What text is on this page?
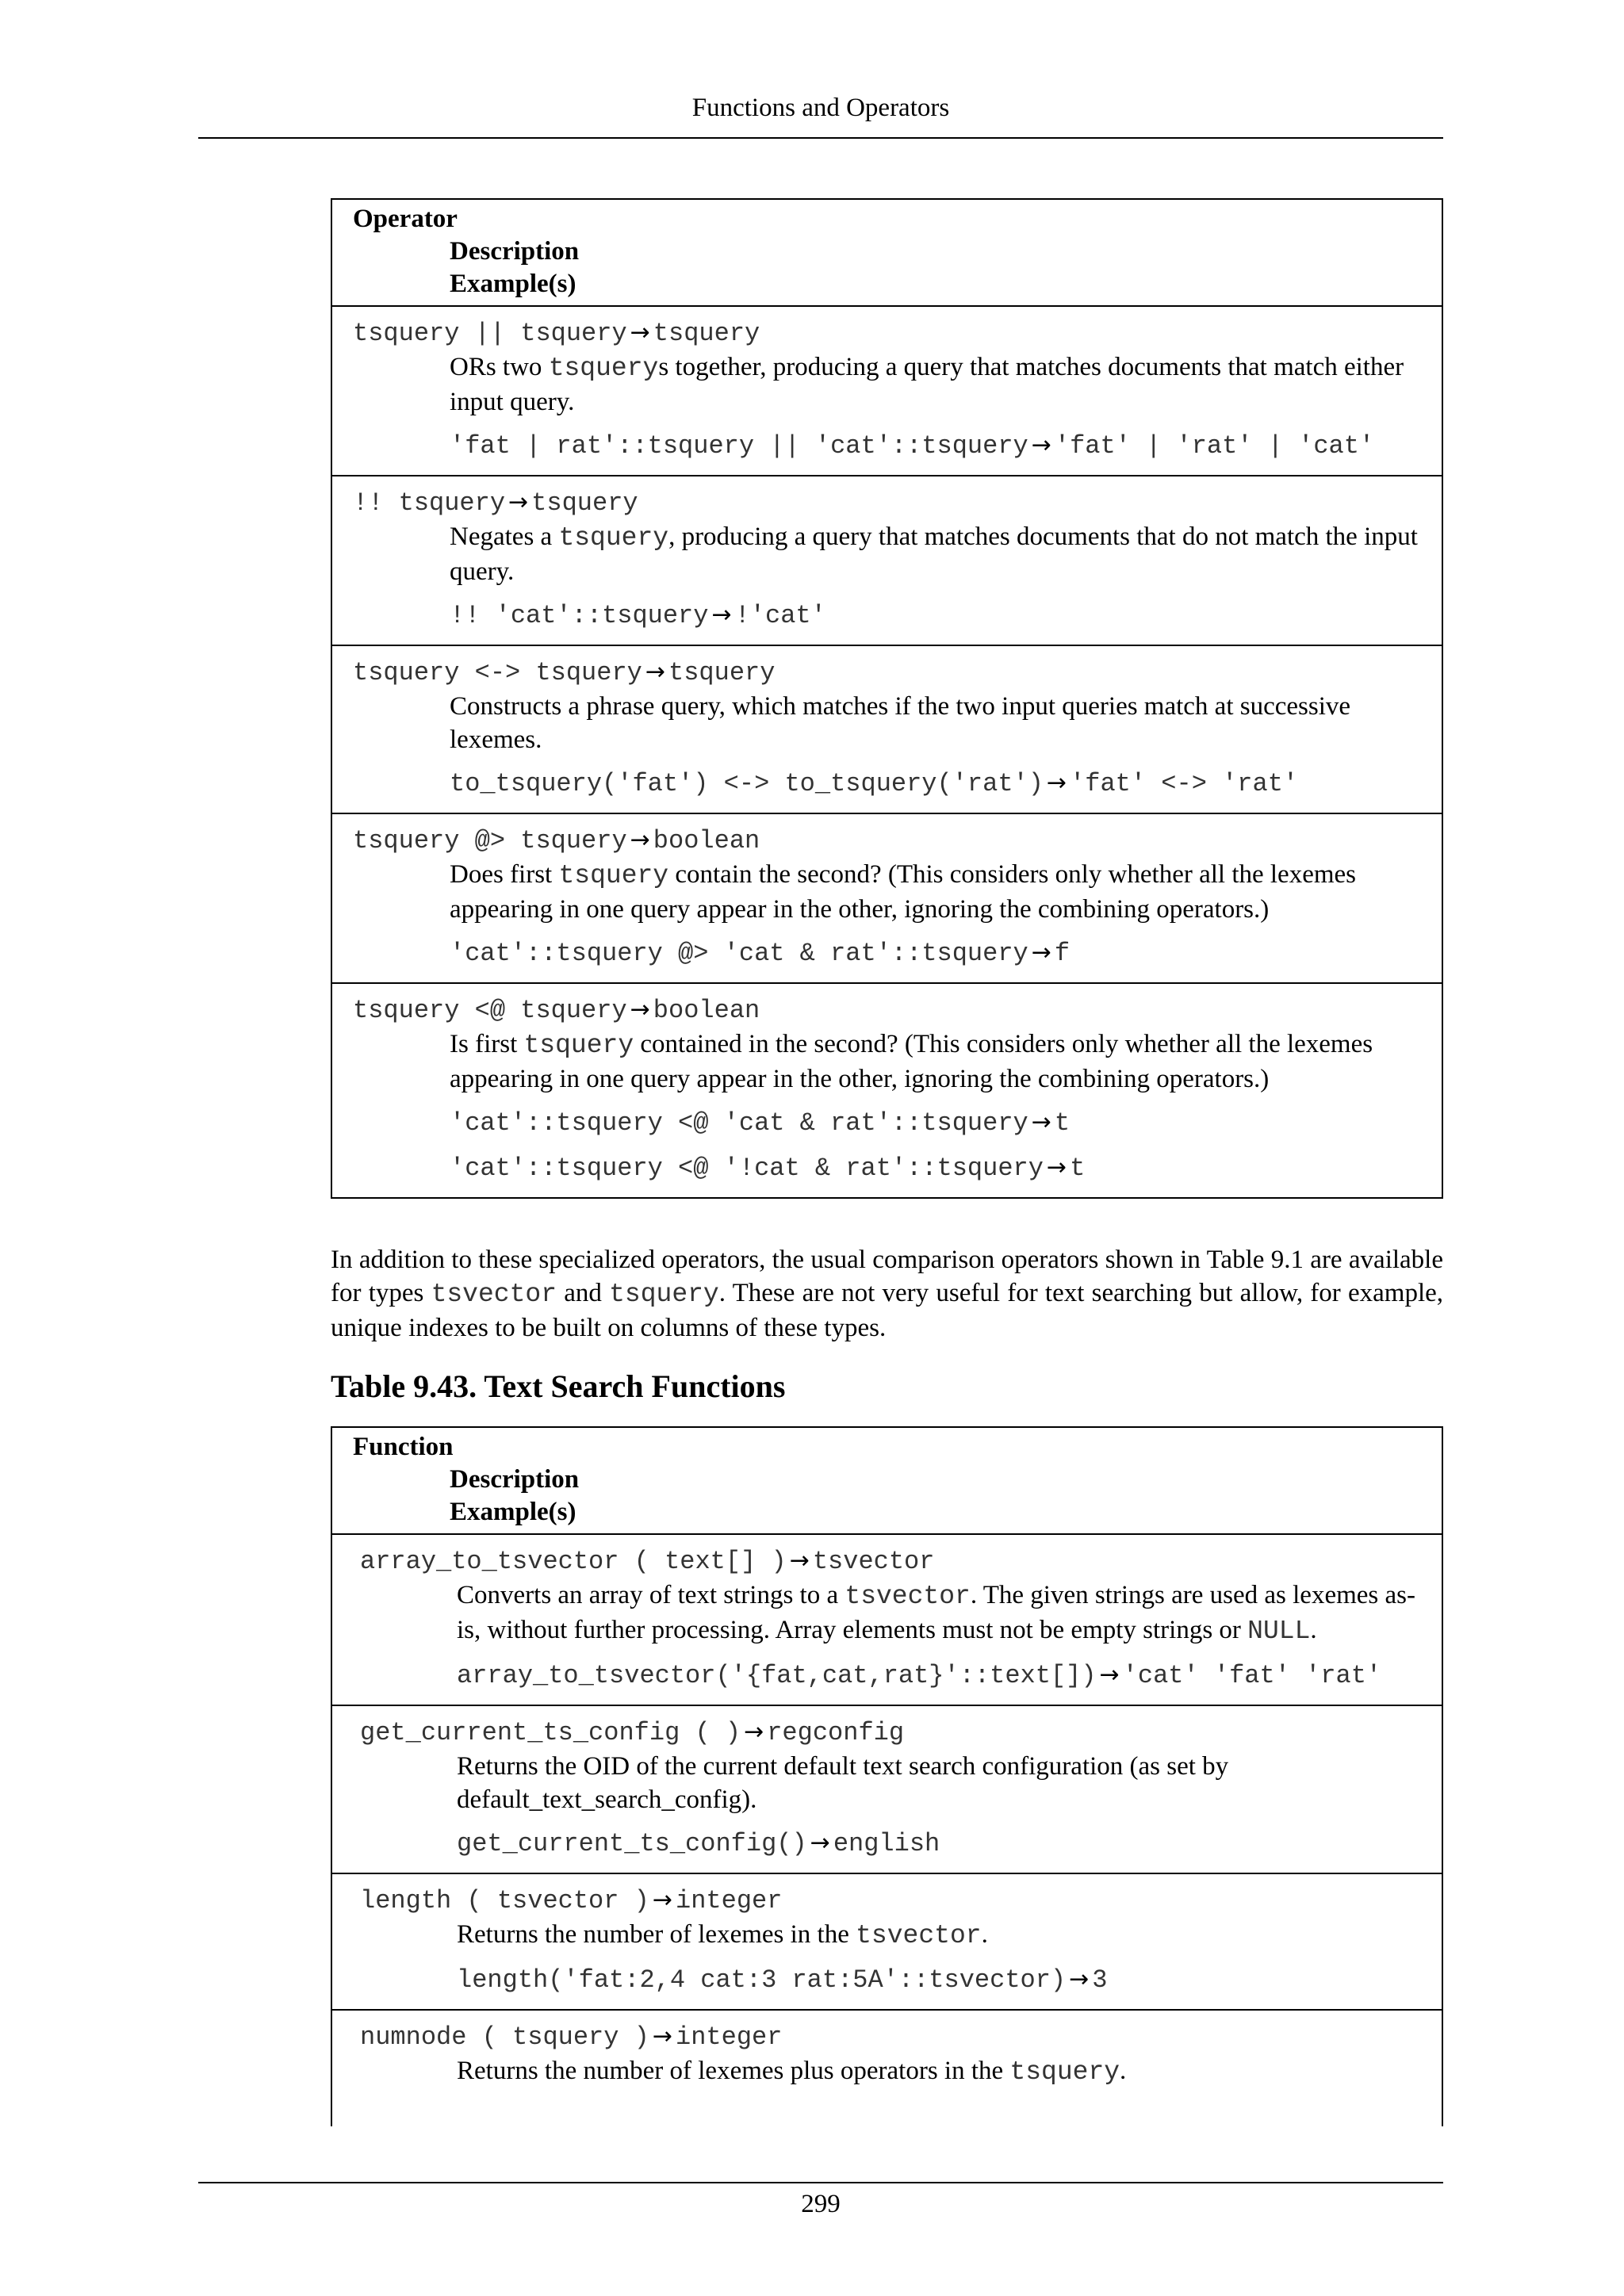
Functions and Operators
Operator
Description
Example(s)
tsquery || tsquery → tsquery
ORs two tsquerys together, producing a query that matches documents that match either input query.
'fat | rat'::tsquery || 'cat'::tsquery → 'fat' | 'rat' | 'cat'
!! tsquery → tsquery
Negates a tsquery, producing a query that matches documents that do not match the input query.
!! 'cat'::tsquery → !'cat'
tsquery <-> tsquery → tsquery
Constructs a phrase query, which matches if the two input queries match at successive lexemes.
to_tsquery('fat') <-> to_tsquery('rat') → 'fat' <-> 'rat'
tsquery @> tsquery → boolean
Does first tsquery contain the second? (This considers only whether all the lexemes appearing in one query appear in the other, ignoring the combining operators.)
'cat'::tsquery @> 'cat & rat'::tsquery → f
tsquery <@ tsquery → boolean
Is first tsquery contained in the second? (This considers only whether all the lexemes appearing in one query appear in the other, ignoring the combining operators.)
'cat'::tsquery <@ 'cat & rat'::tsquery → t
'cat'::tsquery <@ '!cat & rat'::tsquery → t
In addition to these specialized operators, the usual comparison operators shown in Table 9.1 are available for types tsvector and tsquery. These are not very useful for text searching but allow, for example, unique indexes to be built on columns of these types.
Table 9.43. Text Search Functions
Function
Description
Example(s)
array_to_tsvector ( text[] ) → tsvector
Converts an array of text strings to a tsvector. The given strings are used as lexemes as-is, without further processing. Array elements must not be empty strings or NULL.
array_to_tsvector('{fat,cat,rat}'::text[]) → 'cat' 'fat' 'rat'
get_current_ts_config ( ) → regconfig
Returns the OID of the current default text search configuration (as set by default_text_search_config).
get_current_ts_config() → english
length ( tsvector ) → integer
Returns the number of lexemes in the tsvector.
length('fat:2,4 cat:3 rat:5A'::tsvector) → 3
numnode ( tsquery ) → integer
Returns the number of lexemes plus operators in the tsquery.
299
